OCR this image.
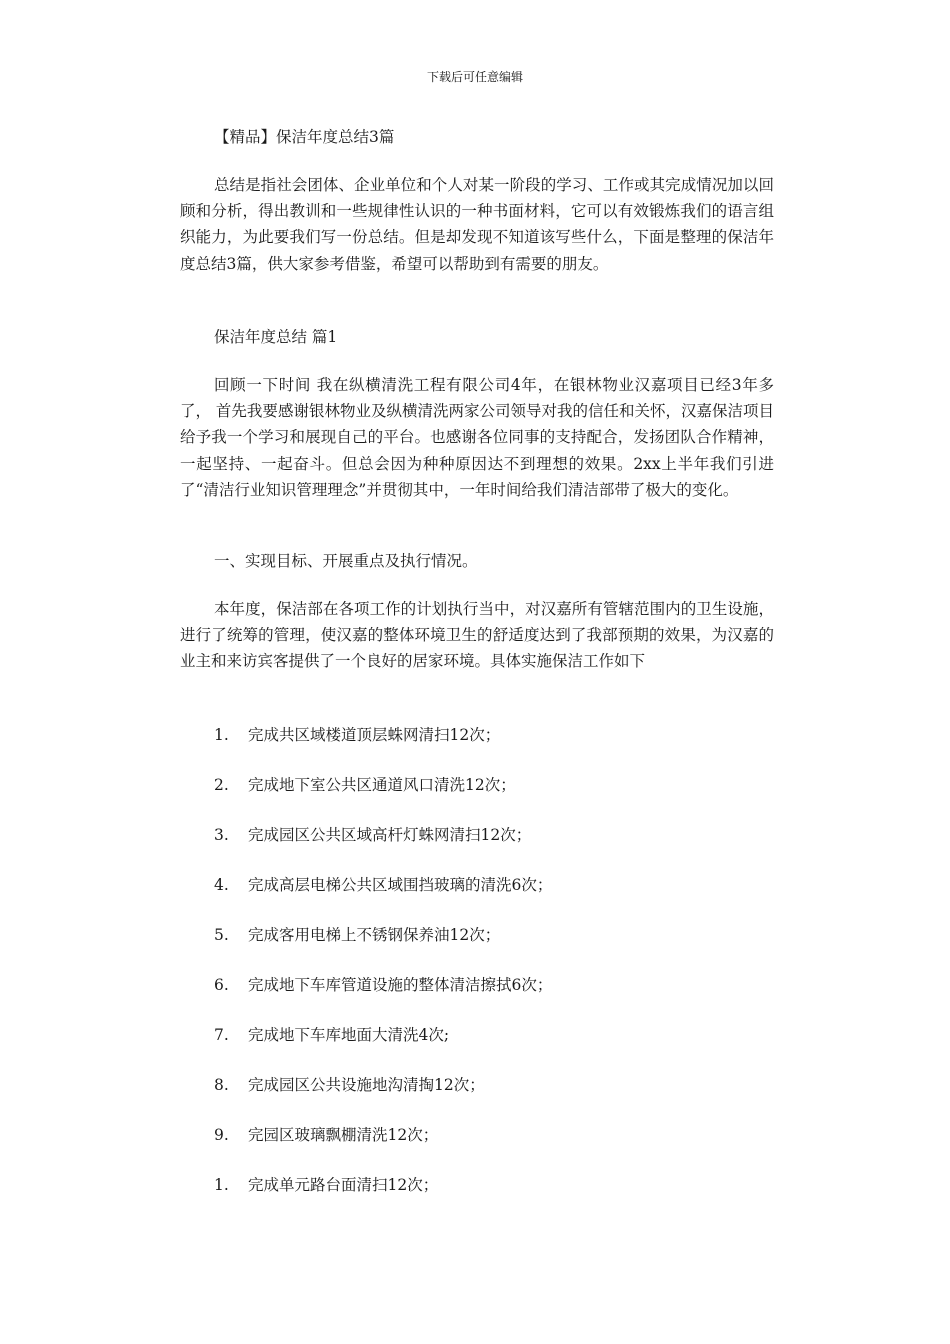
下载后可任意编辑
【精品】保洁年度总结3篇

总结是指社会团体、企业单位和个人对某一阶段的学习、工作或其完成情况加以回顾和分析，得出教训和一些规律性认识的一种书面材料，它可以有效锻炼我们的语言组织能力，为此要我们写一份总结。但是却发现不知道该写些什么，下面是整理的保洁年度总结3篇，供大家参考借鉴，希望可以帮助到有需要的朋友。

保洁年度总结 篇1

回顾一下时间 我在纵横清洗工程有限公司4年，在银林物业汉嘉项目已经3年多了， 首先我要感谢银林物业及纵横清洗两家公司领导对我的信任和关怀，汉嘉保洁项目给予我一个学习和展现自己的平台。也感谢各位同事的支持配合，发扬团队合作精神，一起坚持、一起奋斗。但总会因为种种原因达不到理想的效果。2xx上半年我们引进了“清洁行业知识管理理念”并贯彻其中，一年时间给我们清洁部带了极大的变化。

一、实现目标、开展重点及执行情况。

本年度，保洁部在各项工作的计划执行当中，对汉嘉所有管辖范围内的卫生设施，进行了统筹的管理，使汉嘉的整体环境卫生的舒适度达到了我部预期的效果，为汉嘉的业主和来访宾客提供了一个良好的居家环境。具体实施保洁工作如下

1. 完成共区域楼道顶层蛛网清扫12次；
2. 完成地下室公共区通道风口清洗12次；
3. 完成园区公共区域高杆灯蛛网清扫12次；
4. 完成高层电梯公共区域围挡玻璃的清洗6次；
5. 完成客用电梯上不锈钢保养油12次；
6. 完成地下车库管道设施的整体清洁擦拭6次；
7. 完成地下车库地面大清洗4次;
8. 完成园区公共设施地沟清掏12次；
9. 完园区玻璃飘棚清洗12次；
1. 完成单元路台面清扫12次；
